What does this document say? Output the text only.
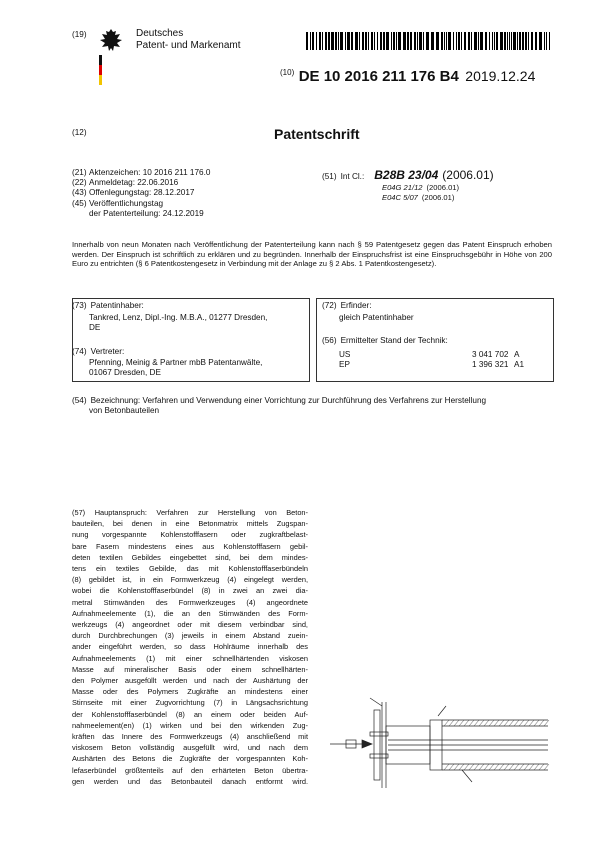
(19)	Deutsches
Patent- und Markenamt
$^{(10)}$ DE 10 2016 211 176 B4 2019.12.24
(12)	Patentschrift
(21) Aktenzeichen: 10 2016 211 176.0
(22) Anmeldetag: 22.06.2016
(43) Offenlegungstag: 28.12.2017
(45) Veröffentlichungstag
der Patenterteilung: 24.12.2019
(51) Int Cl.: B28B 23/04 (2006.01)
E04G 21/12 (2006.01)
E04C 5/07 (2006.01)
Innerhalb von neun Monaten nach Veröffentlichung der Patenterteilung kann nach § 59 Patentgesetz gegen das Patent Einspruch erhoben werden. Der Einspruch ist schriftlich zu erklären und zu begründen. Innerhalb der Einspruchsfrist ist eine Einspruchsgebühr in Höhe von 200 Euro zu entrichten (§ 6 Patentkostengesetz in Verbindung mit der Anlage zu § 2 Abs. 1 Patentkostengesetz).
(73) Patentinhaber:
Tankred, Lenz, Dipl.-Ing. M.B.A., 01277 Dresden,
DE
(74) Vertreter:
Pfenning, Meinig & Partner mbB Patentanwälte,
01067 Dresden, DE
(72) Erfinder:
gleich Patentinhaber
(56) Ermittelter Stand der Technik:
US	3 041 702 A
EP	1 396 321 A1
(54) Bezeichnung: Verfahren und Verwendung einer Vorrichtung zur Durchführung des Verfahrens zur Herstellung
von Betonbauteilen
(57) Hauptanspruch: Verfahren zur Herstellung von Beton-
bauteilen, bei denen in eine Betonmatrix mittels Zugspan-
nung vorgespannte Kohlenstofffasern oder zugkraftbelast-
bare Fasern mindestens eines aus Kohlenstofffasern gebil-
deten textilen Gebildes eingebettet sind, bei dem mindes-
tens ein textiles Gebilde, das mit Kohlenstofffaserbündeln
(8) gebildet ist, in ein Formwerkzeug (4) eingelegt werden,
wobei die Kohlenstofffaserbündel (8) in zwei an zwei dia-
metral Stirnwänden des Formwerkzeuges (4) angeordnete
Aufnahmeelemente (1), die an den Stirnwänden des Form-
werkzeugs (4) angeordnet oder mit diesem verbindbar sind,
durch Durchbrechungen (3) jeweils in einem Abstand zuein-
ander eingeführt werden, so dass Hohlräume innerhalb des
Aufnahmeelements (1) mit einer schnellhärtenden viskosen
Masse auf mineralischer Basis oder einem schnellhärten-
den Polymer ausgefüllt werden und nach der Aushärtung der
Masse oder des Polymers Zugkräfte an mindestens einer
Stirnseite mit einer Zugvorrichtung (7) in Längsachsrichtung
der Kohlenstofffaserbündel (8) an einem oder beiden Auf-
nahmeelement(en) (1) wirken und bei den wirkenden Zug-
kräften das Innere des Formwerkzeugs (4) anschließend mit
viskosem Beton vollständig ausgefüllt wird, und nach dem
Aushärten des Betons die Zugkräfte der vorgespannten Koh-
lefaserbündel größtenteils auf den erhärteten Beton übertra-
gen werden und das Betonbauteil danach entformt wird.
